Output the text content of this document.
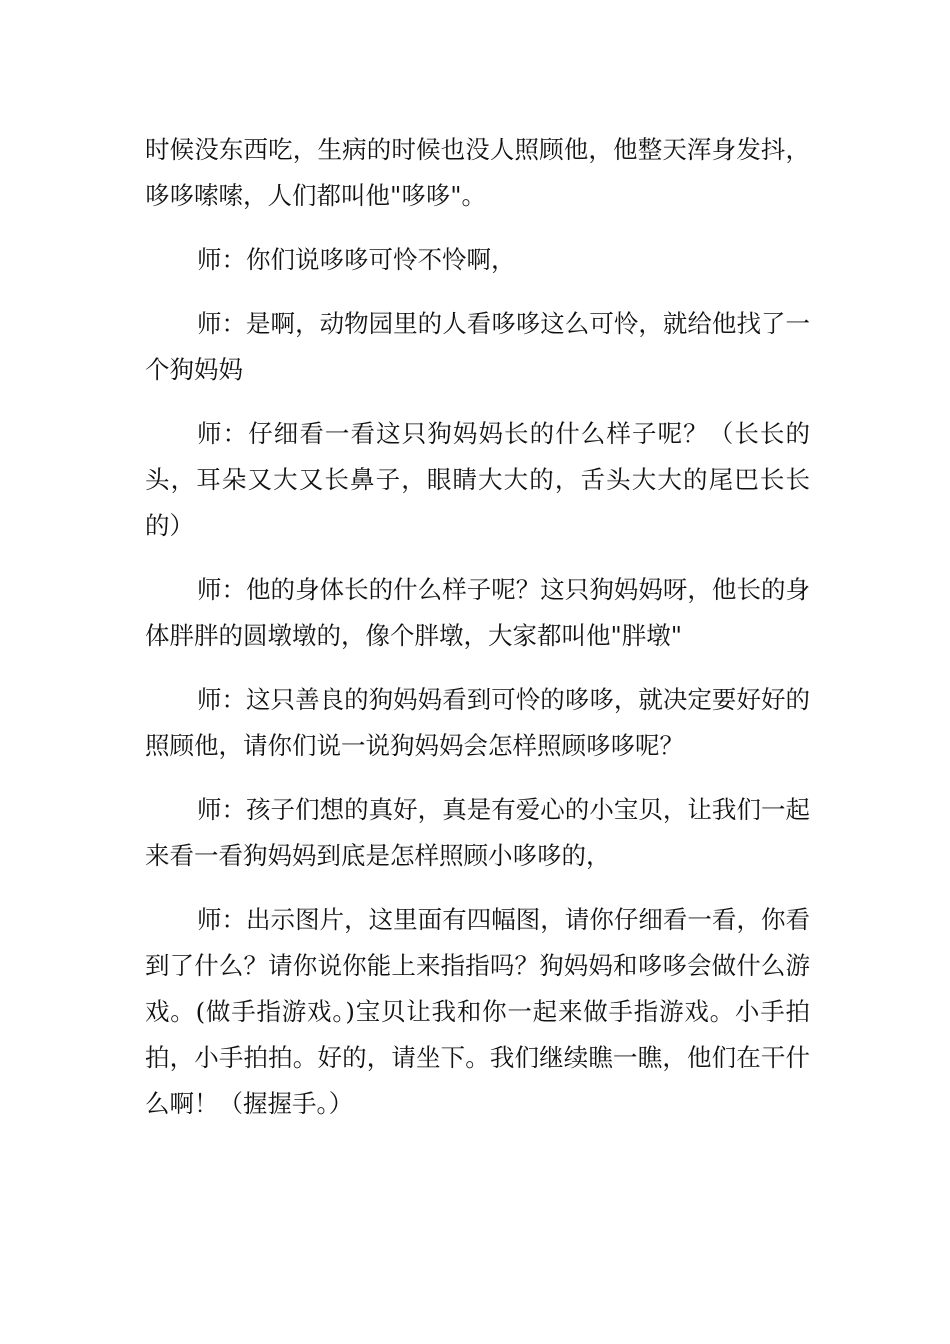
时候没东西吃，生病的时候也没人照顾他，他整天浑身发抖，哆哆嗦嗦，人们都叫他"哆哆"。

师：你们说哆哆可怜不怜啊，

师：是啊，动物园里的人看哆哆这么可怜，就给他找了一个狗妈妈

师：仔细看一看这只狗妈妈长的什么样子呢？（长长的头，耳朵又大又长鼻子，眼睛大大的，舌头大大的尾巴长长的）

师：他的身体长的什么样子呢？这只狗妈妈呀，他长的身体胖胖的圆墩墩的，像个胖墩，大家都叫他"胖墩"

师：这只善良的狗妈妈看到可怜的哆哆，就决定要好好的照顾他，请你们说一说狗妈妈会怎样照顾哆哆呢？

师：孩子们想的真好，真是有爱心的小宝贝，让我们一起来看一看狗妈妈到底是怎样照顾小哆哆的，

师：出示图片，这里面有四幅图，请你仔细看一看，你看到了什么？请你说你能上来指指吗？狗妈妈和哆哆会做什么游戏。(做手指游戏。)宝贝让我和你一起来做手指游戏。小手拍拍，小手拍拍。好的，请坐下。我们继续瞧一瞧，他们在干什么啊！（握握手。）
